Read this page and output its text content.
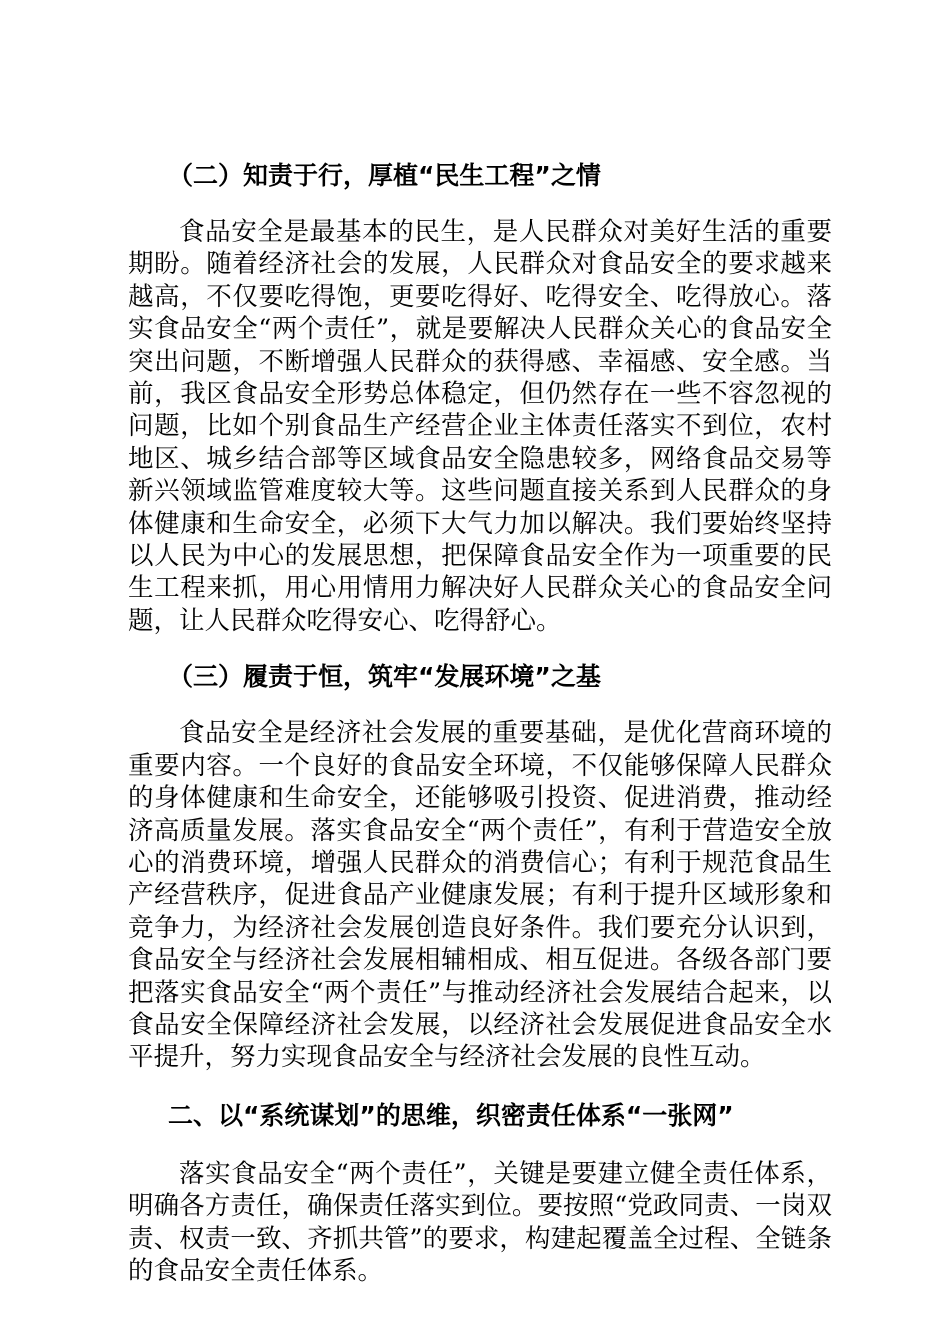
（二）知责于行，厚植“民生工程”之情

食品安全是最基本的民生，是人民群众对美好生活的重要期盼。随着经济社会的发展，人民群众对食品安全的要求越来越高，不仅要吃得饱，更要吃得好、吃得安全、吃得放心。落实食品安全“两个责任”，就是要解决人民群众关心的食品安全突出问题，不断增强人民群众的获得感、幸福感、安全感。当前，我区食品安全形势总体稳定，但仍然存在一些不容忽视的问题，比如个别食品生产经营企业主体责任落实不到位，农村地区、城乡结合部等区域食品安全隐患较多，网络食品交易等新兴领域监管难度较大等。这些问题直接关系到人民群众的身体健康和生命安全，必须下大气力加以解决。我们要始终坚持以人民为中心的发展思想，把保障食品安全作为一项重要的民生工程来抓，用心用情用力解决好人民群众关心的食品安全问题，让人民群众吃得安心、吃得舒心。

（三）履责于恒，筑牢“发展环境”之基

食品安全是经济社会发展的重要基础，是优化营商环境的重要内容。一个良好的食品安全环境，不仅能够保障人民群众的身体健康和生命安全，还能够吸引投资、促进消费，推动经济高质量发展。落实食品安全“两个责任”，有利于营造安全放心的消费环境，增强人民群众的消费信心；有利于规范食品生产经营秩序，促进食品产业健康发展；有利于提升区域形象和竞争力，为经济社会发展创造良好条件。我们要充分认识到，食品安全与经济社会发展相辅相成、相互促进。各级各部门要把落实食品安全“两个责任”与推动经济社会发展结合起来，以食品安全保障经济社会发展，以经济社会发展促进食品安全水平提升，努力实现食品安全与经济社会发展的良性互动。

二、以“系统谋划”的思维，织密责任体系“一张网”

落实食品安全“两个责任”，关键是要建立健全责任体系，明确各方责任，确保责任落实到位。要按照“党政同责、一岗双责、权责一致、齐抓共管”的要求，构建起覆盖全过程、全链条的食品安全责任体系。
